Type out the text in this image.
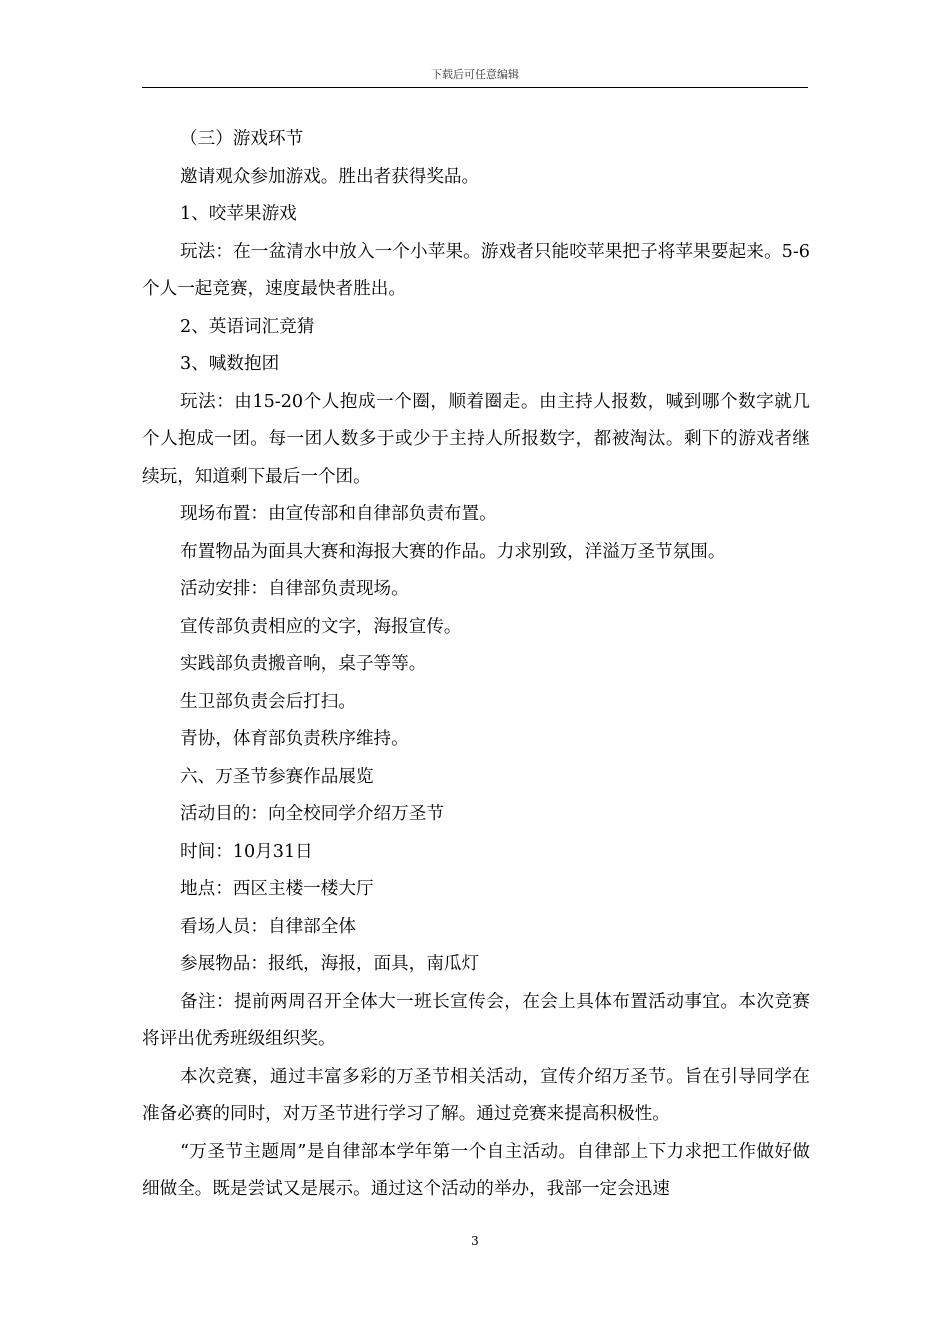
下载后可任意编辑

（三）游戏环节

邀请观众参加游戏。胜出者获得奖品。

1、咬苹果游戏

玩法：在一盆清水中放入一个小苹果。游戏者只能咬苹果把子将苹果要起来。5-6个人一起竞赛，速度最快者胜出。

2、英语词汇竞猜

3、喊数抱团

玩法：由15-20个人抱成一个圈，顺着圈走。由主持人报数，喊到哪个数字就几个人抱成一团。每一团人数多于或少于主持人所报数字，都被淘汰。剩下的游戏者继续玩，知道剩下最后一个团。

现场布置：由宣传部和自律部负责布置。

布置物品为面具大赛和海报大赛的作品。力求别致，洋溢万圣节氛围。

活动安排：自律部负责现场。

宣传部负责相应的文字，海报宣传。

实践部负责搬音响，桌子等等。

生卫部负责会后打扫。

青协，体育部负责秩序维持。

六、万圣节参赛作品展览

活动目的：向全校同学介绍万圣节

时间：10月31日

地点：西区主楼一楼大厅

看场人员：自律部全体

参展物品：报纸，海报，面具，南瓜灯

备注：提前两周召开全体大一班长宣传会，在会上具体布置活动事宜。本次竞赛将评出优秀班级组织奖。

本次竞赛，通过丰富多彩的万圣节相关活动，宣传介绍万圣节。旨在引导同学在准备必赛的同时，对万圣节进行学习了解。通过竞赛来提高积极性。

“万圣节主题周”是自律部本学年第一个自主活动。自律部上下力求把工作做好做细做全。既是尝试又是展示。通过这个活动的举办，我部一定会迅速

3
